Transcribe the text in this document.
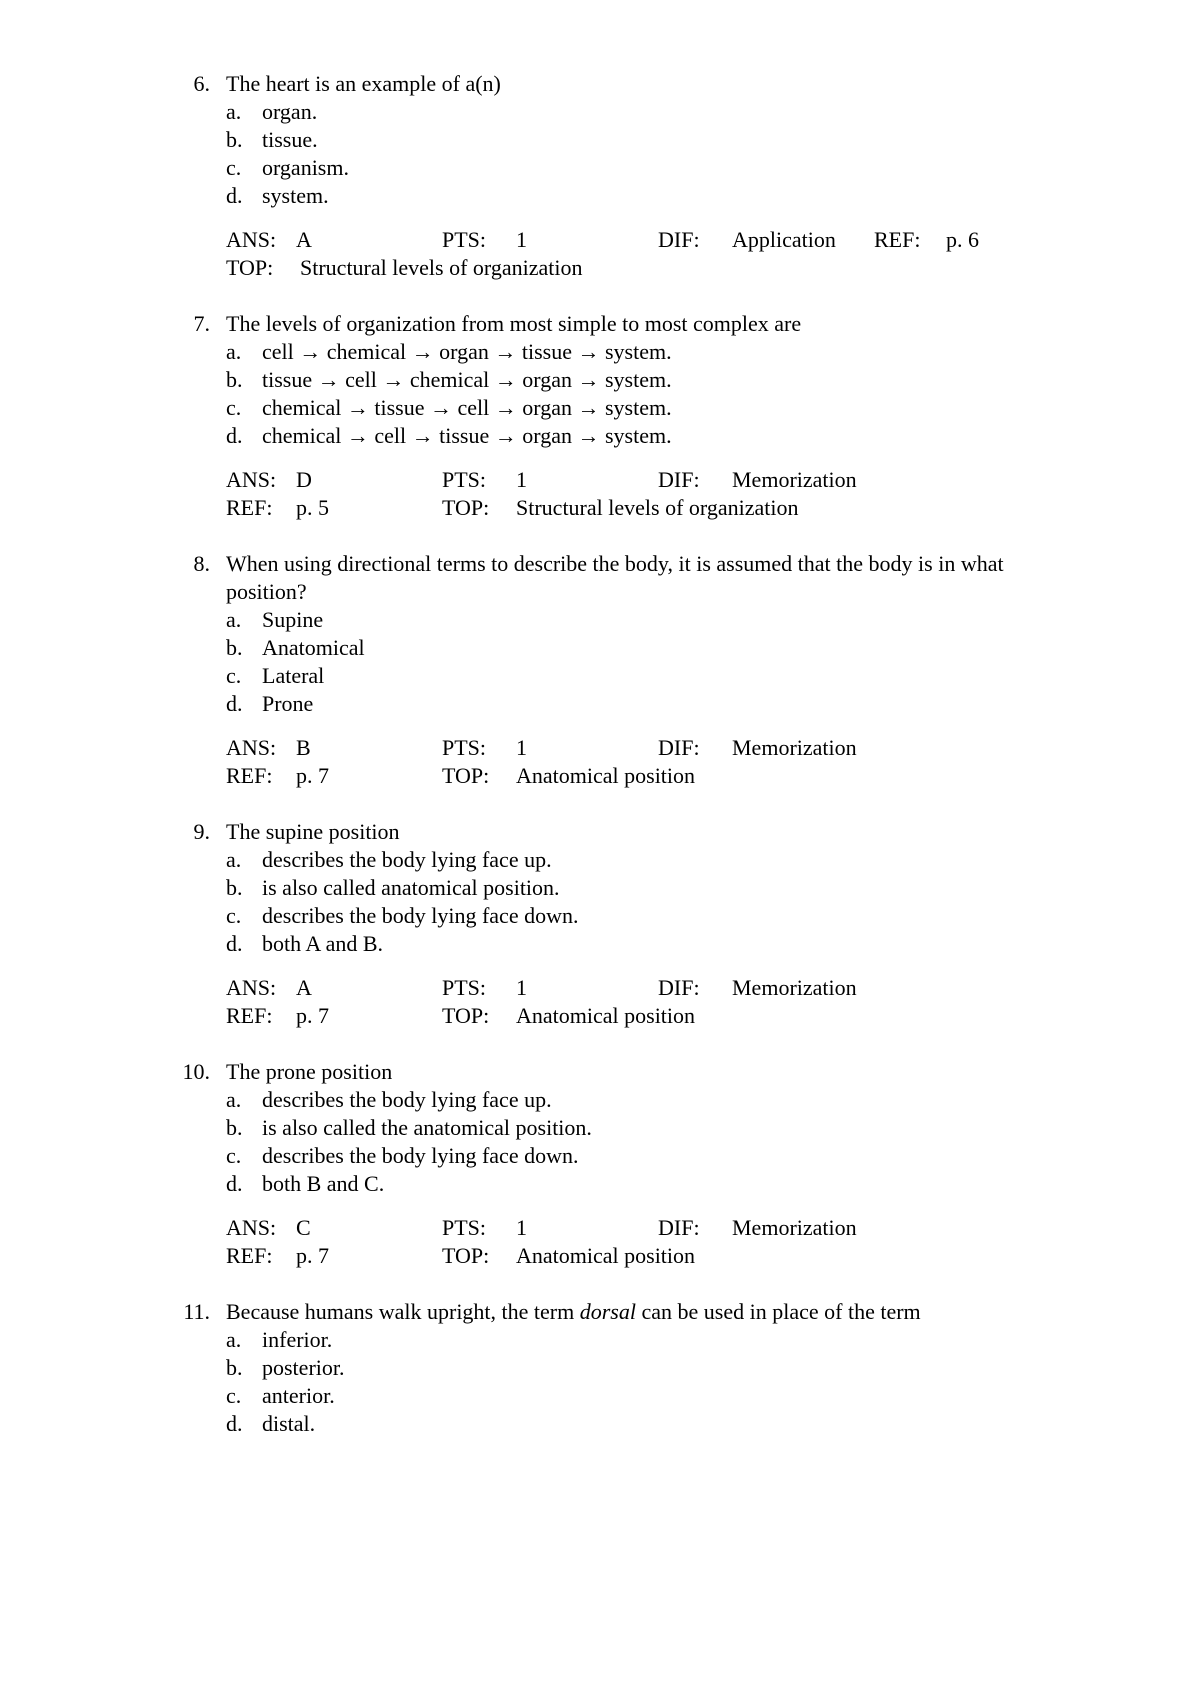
6. The heart is an example of a(n)
a. organ.
b. tissue.
c. organism.
d. system.
ANS: A	PTS: 1	DIF: Application REF: p. 6
TOP: Structural levels of organization
7. The levels of organization from most simple to most complex are
a. cell → chemical → organ → tissue → system.
b. tissue → cell → chemical → organ → system.
c. chemical → tissue → cell → organ → system.
d. chemical → cell → tissue → organ → system.
ANS: D	PTS: 1	DIF: Memorization
REF: p. 5	TOP: Structural levels of organization
8. When using directional terms to describe the body, it is assumed that the body is in what
position?
a. Supine
b. Anatomical
c. Lateral
d. Prone
ANS: B	PTS: 1	DIF: Memorization
REF: p. 7	TOP: Anatomical position
9. The supine position
a. describes the body lying face up.
b. is also called anatomical position.
c. describes the body lying face down.
d. both A and B.
ANS: A	PTS: 1	DIF: Memorization
REF: p. 7	TOP: Anatomical position
10. The prone position
a. describes the body lying face up.
b. is also called the anatomical position.
c. describes the body lying face down.
d. both B and C.
ANS: C	PTS: 1	DIF: Memorization
REF: p. 7	TOP: Anatomical position
11. Because humans walk upright, the term dorsal can be used in place of the term
a. inferior.
b. posterior.
c. anterior.
d. distal.
